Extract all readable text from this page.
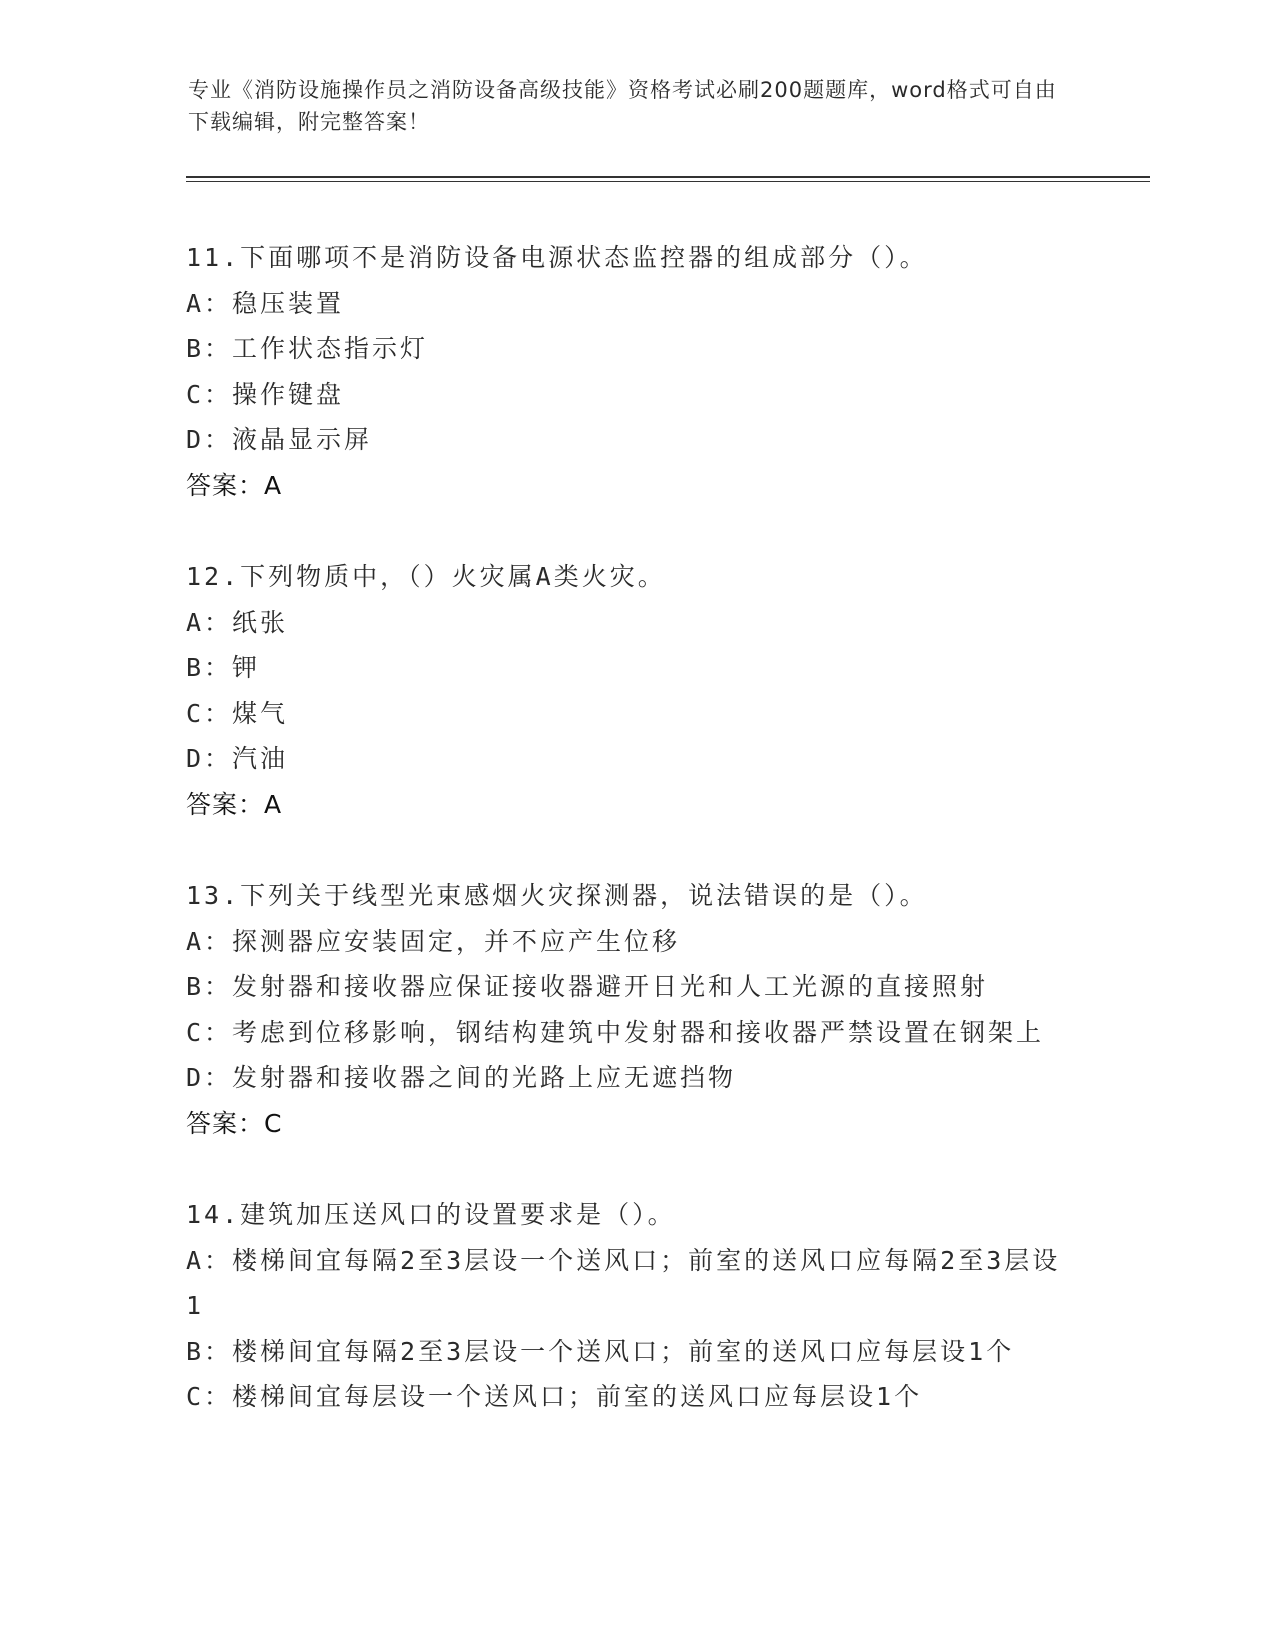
专业《消防设施操作员之消防设备高级技能》资格考试必刷200题题库，word格式可自由下载编辑，附完整答案！
11.下面哪项不是消防设备电源状态监控器的组成部分（）。
A：稳压装置
B：工作状态指示灯
C：操作键盘
D：液晶显示屏
答案：A
12.下列物质中，（）火灾属A类火灾。
A：纸张
B：钾
C：煤气
D：汽油
答案：A
13.下列关于线型光束感烟火灾探测器，说法错误的是（）。
A：探测器应安装固定，并不应产生位移
B：发射器和接收器应保证接收器避开日光和人工光源的直接照射
C：考虑到位移影响，钢结构建筑中发射器和接收器严禁设置在钢架上
D：发射器和接收器之间的光路上应无遮挡物
答案：C
14.建筑加压送风口的设置要求是（）。
A：楼梯间宜每隔2至3层设一个送风口；前室的送风口应每隔2至3层设1
B：楼梯间宜每隔2至3层设一个送风口；前室的送风口应每层设1个
C：楼梯间宜每层设一个送风口；前室的送风口应每层设1个
